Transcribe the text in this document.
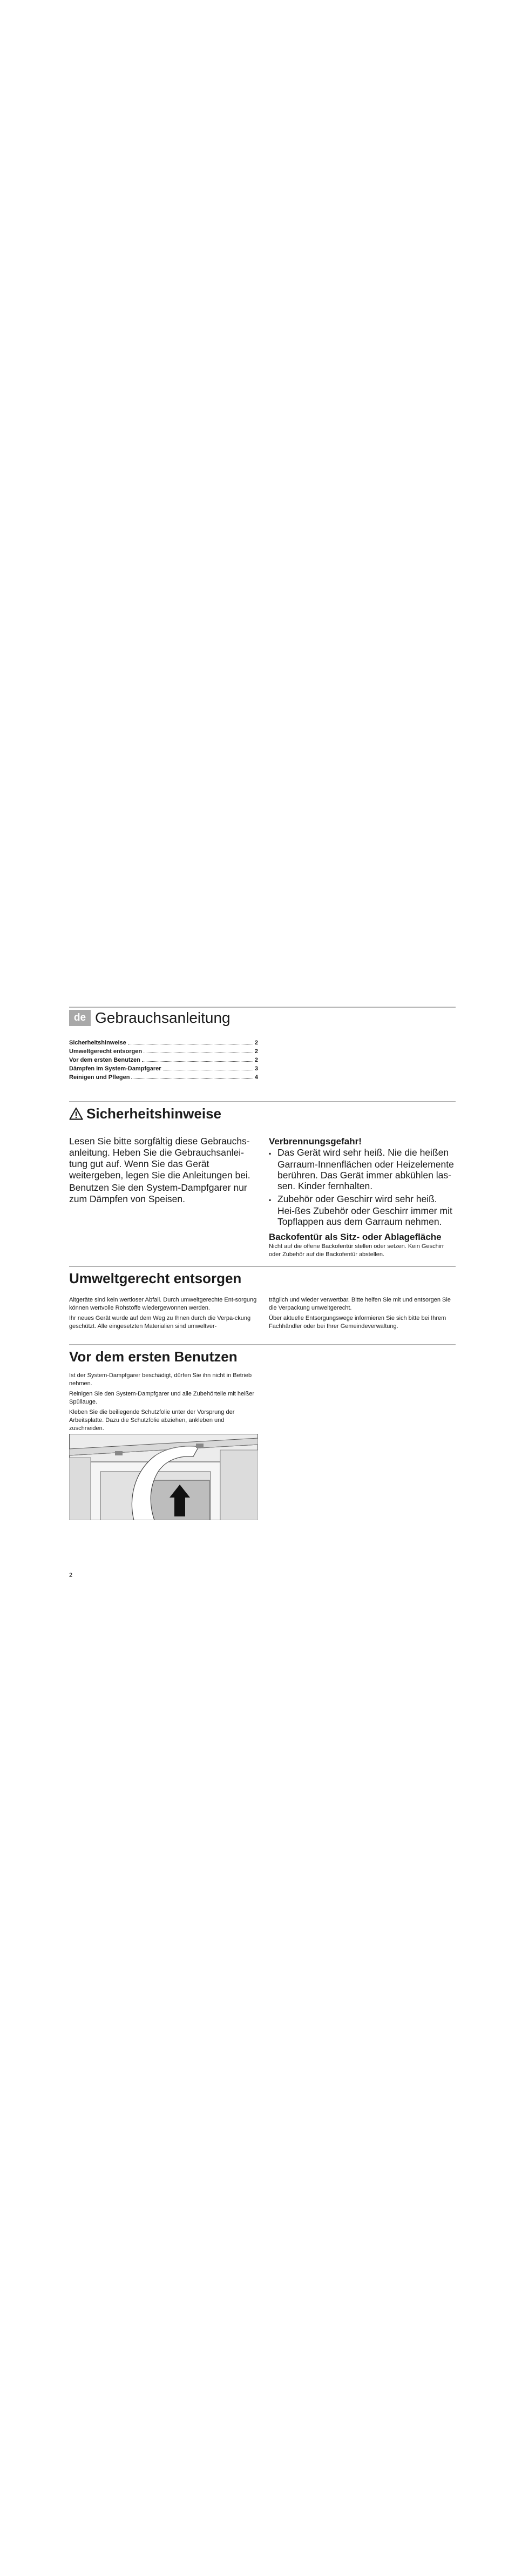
de Gebrauchsanleitung
Sicherheitshinweise	2
Umweltgerecht entsorgen	2
Vor dem ersten Benutzen	2
Dämpfen im System-Dampfgarer	3
Reinigen und Pflegen	4
Sicherheitshinweise

Lesen Sie bitte sorgfältig diese Gebrauchs-anleitung. Heben Sie die Gebrauchsanlei-tung gut auf. Wenn Sie das Gerät weitergeben, legen Sie die Anleitungen bei.

Benutzen Sie den System-Dampfgarer nur zum Dämpfen von Speisen.

Verbrennungsgefahr!

▪ Das Gerät wird sehr heiß. Nie die heißen Garraum-Innenflächen oder Heizelemente berühren. Das Gerät immer abkühlen las-sen. Kinder fernhalten.

▪ Zubehör oder Geschirr wird sehr heiß. Hei-ßes Zubehör oder Geschirr immer mit Topflappen aus dem Garraum nehmen.

Backofentür als Sitz- oder Ablagefläche
Nicht auf die offene Backofentür stellen oder setzen. Kein Geschirr oder Zubehör auf die Backofentür abstellen.
Umweltgerecht entsorgen

Altgeräte sind kein wertloser Abfall. Durch umweltgerechte Ent-sorgung können wertvolle Rohstoffe wiedergewonnen werden.

Ihr neues Gerät wurde auf dem Weg zu Ihnen durch die Verpa-ckung geschützt. Alle eingesetzten Materialien sind umweltver-

träglich und wieder verwertbar. Bitte helfen Sie mit und entsorgen Sie die Verpackung umweltgerecht.

Über aktuelle Entsorgungswege informieren Sie sich bitte bei Ihrem Fachhändler oder bei Ihrer Gemeindeverwaltung.

Vor dem ersten Benutzen

Ist der System-Dampfgarer beschädigt, dürfen Sie ihn nicht in Betrieb nehmen.

Reinigen Sie den System-Dampfgarer und alle Zubehörteile mit heißer Spüllauge.

Kleben Sie die beiliegende Schutzfolie unter der Vorsprung der Arbeitsplatte. Dazu die Schutzfolie abziehen, ankleben und zuschneiden.

2
